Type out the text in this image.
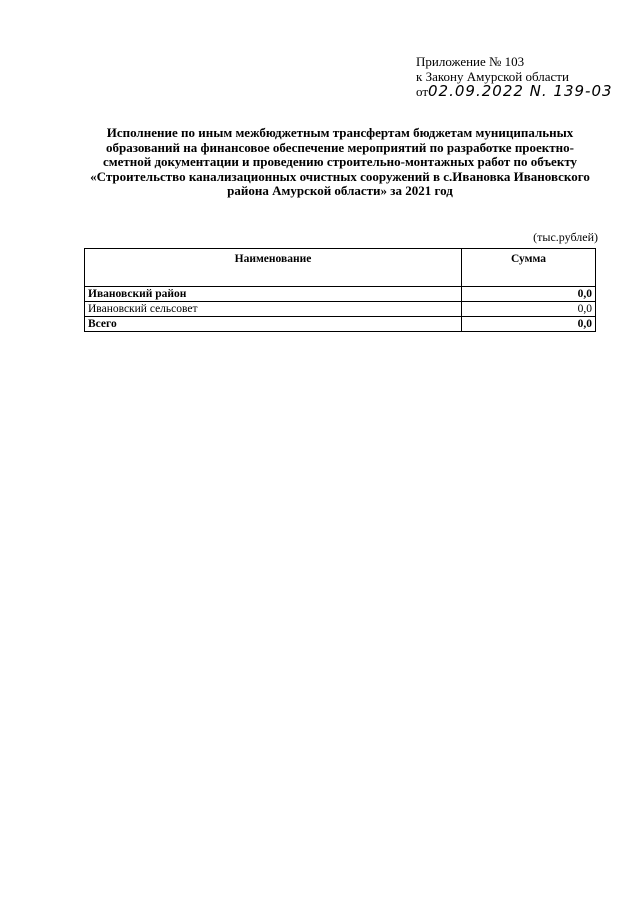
Приложение № 103
к Закону Амурской области
от02.09.2022 N. 139-03
Исполнение по иным межбюджетным трансфертам бюджетам муниципальных образований на финансовое обеспечение мероприятий по разработке проектно-сметной документации и проведению строительно-монтажных работ по объекту «Строительство канализационных очистных сооружений в с.Ивановка Ивановского района Амурской области» за 2021 год
(тыс.рублей)
Наименование	Сумма
Ивановский район	0,0
Ивановский сельсовет	0,0
Всего	0,0
